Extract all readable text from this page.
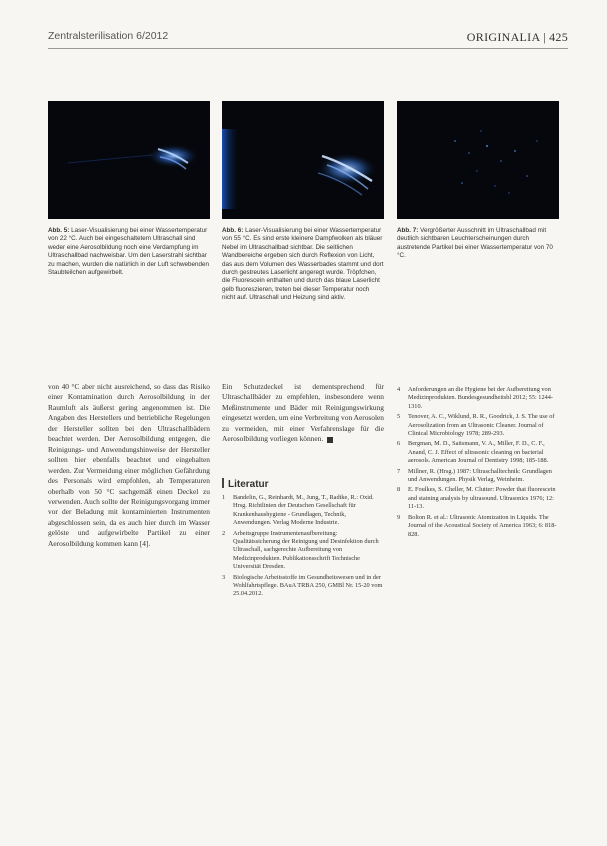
Zentralsterilisation 6/2012	ORIGINALIA | 425
Abb. 5: Laser-Visualisierung bei einer Wassertemperatur von 22 °C. Auch bei eingeschaltetem Ultraschall sind weder eine Aerosolbildung noch eine Verdampfung im Ultraschallbad nachweisbar. Um den Laserstrahl sichtbar zu machen, wurden die natürlich in der Luft schwebenden Staubteilchen aufgewirbelt.
Abb. 6: Laser-Visualisierung bei einer Wassertemperatur von 55 °C. Es sind erste kleinere Dampfwolken als bläuer Nebel im Ultraschallbad sichtbar. Die seitlichen Wandbereiche ergeben sich durch Reflexion von Licht, das aus dem Volumen des Wasserbades stammt und dort durch gestreutes Laserlicht angeregt wurde. Tröpfchen, die Fluorescein enthalten und durch das blaue Laserlicht gelb fluoreszieren, treten bei dieser Temperatur noch nicht auf. Ultraschall und Heizung sind aktiv.
Abb. 7: Vergrößerter Ausschnitt im Ultraschallbad mit deutlich sichtbaren Leuchterscheinungen durch austretende Partikel bei einer Wassertemperatur von 70 °C.

von 40 °C aber nicht ausreichend, so dass das Risiko einer Kontamination durch Aerosolbildung in der Raumluft als äußerst gering angenommen ist. Die Angaben des Herstellers und betriebliche Regelungen der Hersteller sollten bei den Ultraschallbädern beachtet werden. Der Aerosolbildung entgegen, die Reinigungs- und Anwendungshinweise der Hersteller sollten hier ebenfalls beachtet und eingehalten werden. Zur Vermeidung einer möglichen Gefährdung des Personals wird empfohlen, ab Temperaturen oberhalb von 50 °C sachgemäß einen Deckel zu verwenden. Auch sollte der Reinigungsvorgang immer vor der Beladung mit kontaminierten Instrumenten abgeschlossen sein, da es auch hier durch im Wasser gelöste und aufgewirbelte Partikel zu einer Aerosolbildung kommen kann [4].

Ein Schutzdeckel ist dementsprechend für Ultraschallbäder zu empfehlen, insbesondere wenn Meßinstrumente und Bäder mit Reinigungswirkung eingesetzt werden, um eine Verbreitung von Aerosolen zu vermeiden, mit einer Verfahrenslage für die Aerosolbildung vorliegen können.

Literatur
1 Bandelin, G., Reinhardt, M., Jung, T., Radtke, R.: Oxid. Hrsg. Richtlinien der Deutschen Gesellschaft für Krankenhaushygiene - Grundlagen, Technik, Anwendungen. Verlag Moderne Industrie.
2 Arbeitsgruppe Instrumentenaufbereitung: Qualitätssicherung der Reinigung und Desinfektion durch Ultraschall, sachgerechte Aufbereitung von Medizinprodukten. Publikationsschrift Technische Universität Dresden.
3 Biologische Arbeitsstoffe im Gesundheitswesen und in der Wohlfahrtspflege. BAuA TRBA 250, GMBl Nr. 15-20 vom 25.04.2012.
4 Anforderungen an die Hygiene bei der Aufbereitung von Medizinprodukten. Bundesgesundheitsbl 2012; 55: 1244-1310.
5 Tenover, A. C., Wiklund, R. R., Goodrick, J. S. The use of Aerosolization from an Ultrasonic Cleaner. Journal of Clinical Microbiology 1978; 289-293.
6 Bergman, M. D., Saitsmann, V. A., Miller, F. D., C. F., Anand, C. J. Effect of ultrasonic cleaning on bacterial aerosols. American Journal of Dentistry 1998; 185-188.
7 Millner, R. (Hrsg.) 1987: Ultraschalltechnik: Grundlagen und Anwendungen. Physik Verlag, Weinheim.
8 E. Foulkes, S. Cheller, M. Clutter: Powder that fluorescein and staining analysis by ultrasound. Ultrasonics 1976; 12: 11-13.
9 Bolton R. et al.: Ultrasonic Atomization in Liquids. The Journal of the Acoustical Society of America 1963; 6: 818-828.
